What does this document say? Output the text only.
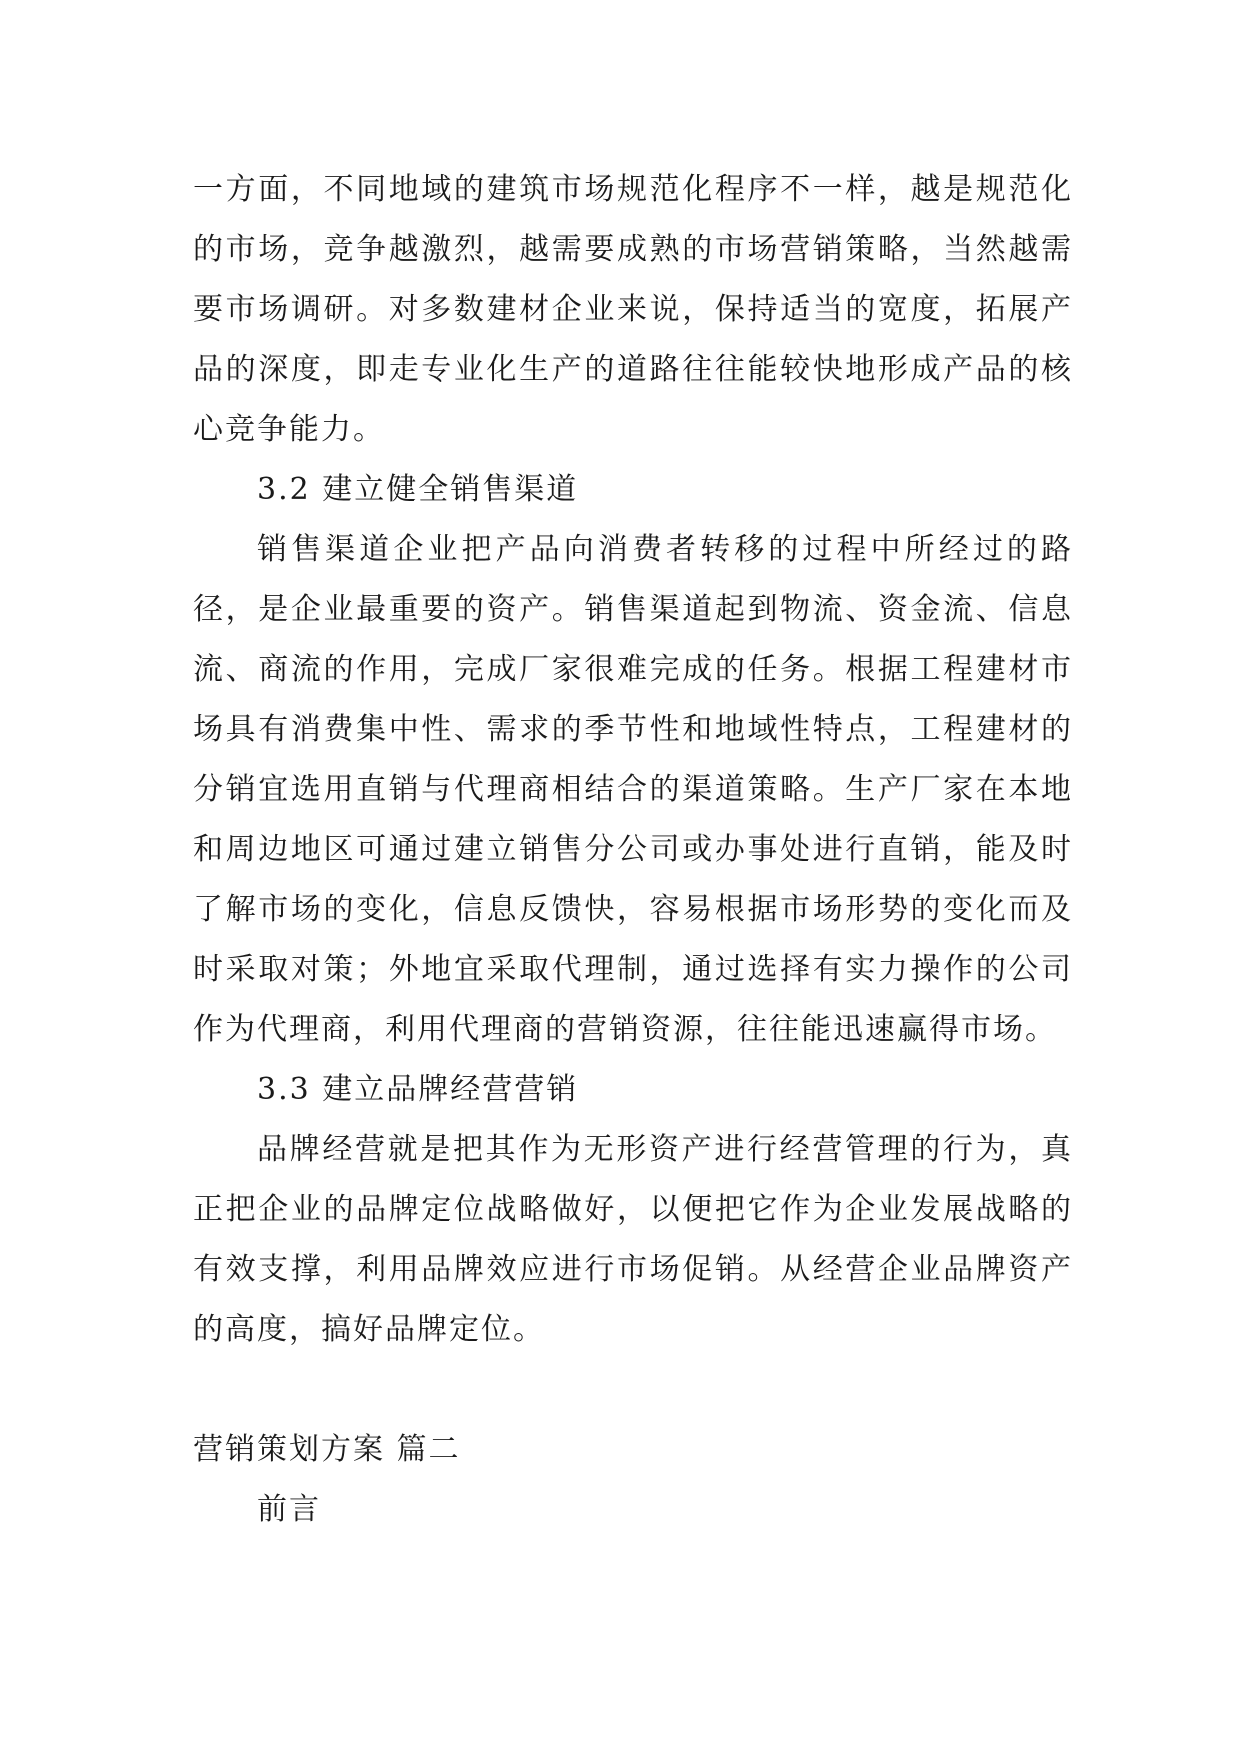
一方面，不同地域的建筑市场规范化程序不一样，越是规范化的市场，竞争越激烈，越需要成熟的市场营销策略，当然越需要市场调研。对多数建材企业来说，保持适当的宽度，拓展产品的深度，即走专业化生产的道路往往能较快地形成产品的核心竞争能力。

3.2 建立健全销售渠道

销售渠道企业把产品向消费者转移的过程中所经过的路径，是企业最重要的资产。销售渠道起到物流、资金流、信息流、商流的作用，完成厂家很难完成的任务。根据工程建材市场具有消费集中性、需求的季节性和地域性特点，工程建材的分销宜选用直销与代理商相结合的渠道策略。生产厂家在本地和周边地区可通过建立销售分公司或办事处进行直销，能及时了解市场的变化，信息反馈快，容易根据市场形势的变化而及时采取对策；外地宜采取代理制，通过选择有实力操作的公司作为代理商，利用代理商的营销资源，往往能迅速赢得市场。

3.3 建立品牌经营营销

品牌经营就是把其作为无形资产进行经营管理的行为，真正把企业的品牌定位战略做好，以便把它作为企业发展战略的有效支撑，利用品牌效应进行市场促销。从经营企业品牌资产的高度，搞好品牌定位。

营销策划方案 篇二

前言
